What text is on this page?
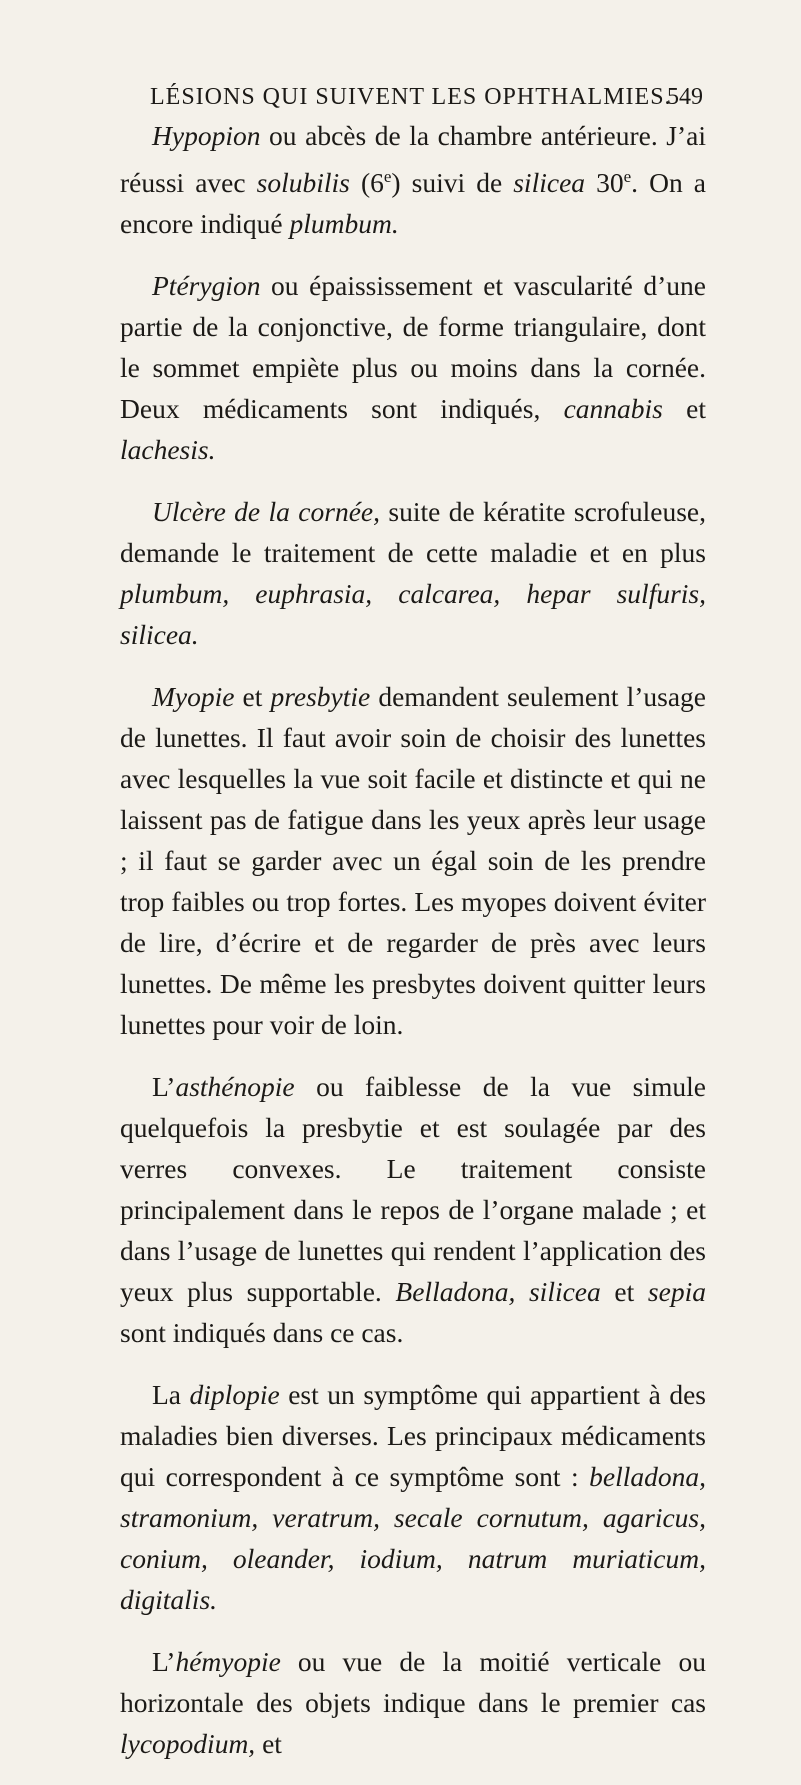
LÉSIONS QUI SUIVENT LES OPHTHALMIES.
549

Hypopion ou abcès de la chambre antérieure. J’ai réussi avec solubilis (6e) suivi de silicea 30e. On a encore indiqué plumbum.

Ptérygion ou épaississement et vascularité d’une partie de la conjonctive, de forme triangulaire, dont le sommet empiète plus ou moins dans la cornée. Deux médicaments sont indiqués, cannabis et lachesis.

Ulcère de la cornée, suite de kératite scrofuleuse, demande le traitement de cette maladie et en plus plumbum, euphrasia, calcarea, hepar sulfuris, silicea.

Myopie et presbytie demandent seulement l’usage de lunettes. Il faut avoir soin de choisir des lunettes avec lesquelles la vue soit facile et distincte et qui ne laissent pas de fatigue dans les yeux après leur usage ; il faut se garder avec un égal soin de les prendre trop faibles ou trop fortes. Les myopes doivent éviter de lire, d’écrire et de regarder de près avec leurs lunettes. De même les presbytes doivent quitter leurs lunettes pour voir de loin.

L’asthénopie ou faiblesse de la vue simule quelquefois la presbytie et est soulagée par des verres convexes. Le traitement consiste principalement dans le repos de l’organe malade ; et dans l’usage de lunettes qui rendent l’application des yeux plus supportable. Belladona, silicea et sepia sont indiqués dans ce cas.

La diplopie est un symptôme qui appartient à des maladies bien diverses. Les principaux médicaments qui correspondent à ce symptôme sont : belladona, stramonium, veratrum, secale cornutum, agaricus, conium, oleander, iodium, natrum muriaticum, digitalis.

L’hémyopie ou vue de la moitié verticale ou horizontale des objets indique dans le premier cas lycopodium, et
